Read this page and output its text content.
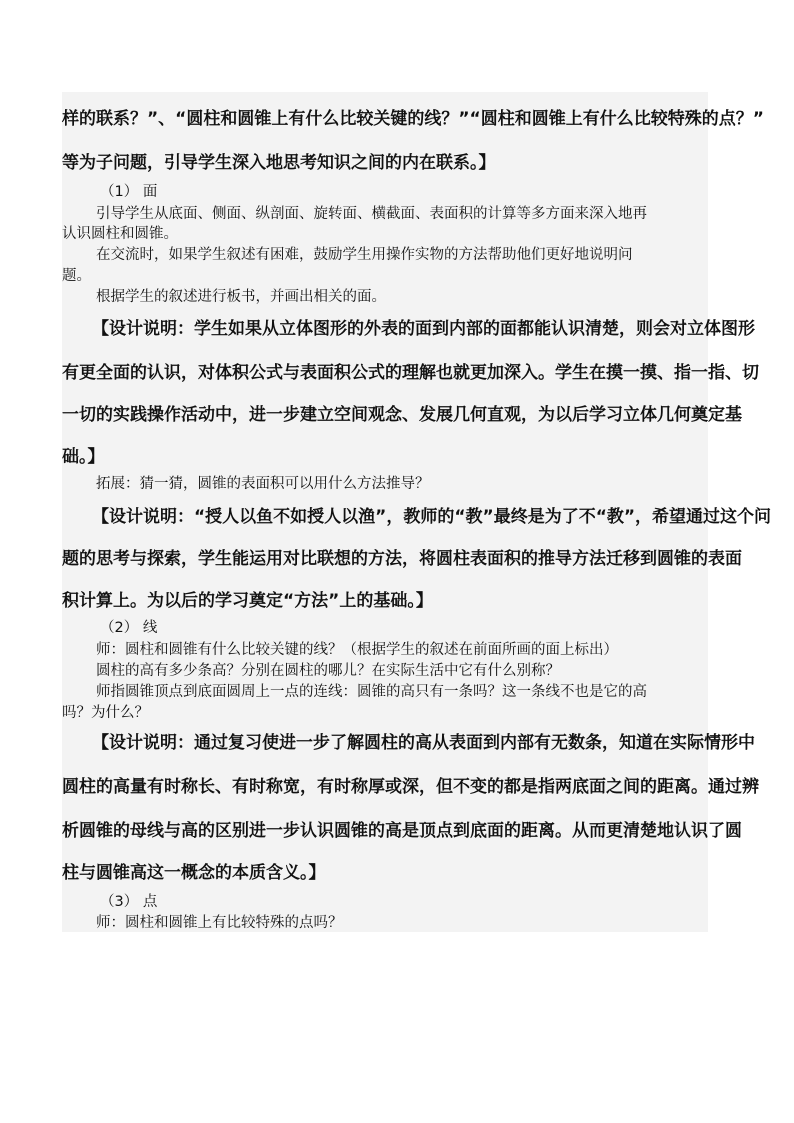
样的联系？”、“圆柱和圆锥上有什么比较关键的线？”“圆柱和圆锥上有什么比较特殊的点？”
等为子问题，引导学生深入地思考知识之间的内在联系。】
（1） 面
引导学生从底面、侧面、纵剖面、旋转面、横截面、表面积的计算等多方面来深入地再
认识圆柱和圆锥。
在交流时，如果学生叙述有困难，鼓励学生用操作实物的方法帮助他们更好地说明问
题。
根据学生的叙述进行板书，并画出相关的面。
【设计说明：学生如果从立体图形的外表的面到内部的面都能认识清楚，则会对立体图形
有更全面的认识，对体积公式与表面积公式的理解也就更加深入。学生在摸一摸、指一指、切
一切的实践操作活动中，进一步建立空间观念、发展几何直观，为以后学习立体几何奠定基
础。】
拓展：猜一猜，圆锥的表面积可以用什么方法推导？
【设计说明：“授人以鱼不如授人以渔”，教师的“教”最终是为了不“教”，希望通过这个问
题的思考与探索，学生能运用对比联想的方法，将圆柱表面积的推导方法迁移到圆锥的表面
积计算上。为以后的学习奠定“方法”上的基础。】
（2） 线
师：圆柱和圆锥有什么比较关键的线？（根据学生的叙述在前面所画的面上标出）
圆柱的高有多少条高？分别在圆柱的哪儿？在实际生活中它有什么别称？
师指圆锥顶点到底面圆周上一点的连线：圆锥的高只有一条吗？这一条线不也是它的高
吗？为什么？
【设计说明：通过复习使进一步了解圆柱的高从表面到内部有无数条，知道在实际情形中
圆柱的高量有时称长、有时称宽，有时称厚或深，但不变的都是指两底面之间的距离。通过辨
析圆锥的母线与高的区别进一步认识圆锥的高是顶点到底面的距离。从而更清楚地认识了圆
柱与圆锥高这一概念的本质含义。】
（3） 点
师：圆柱和圆锥上有比较特殊的点吗？
